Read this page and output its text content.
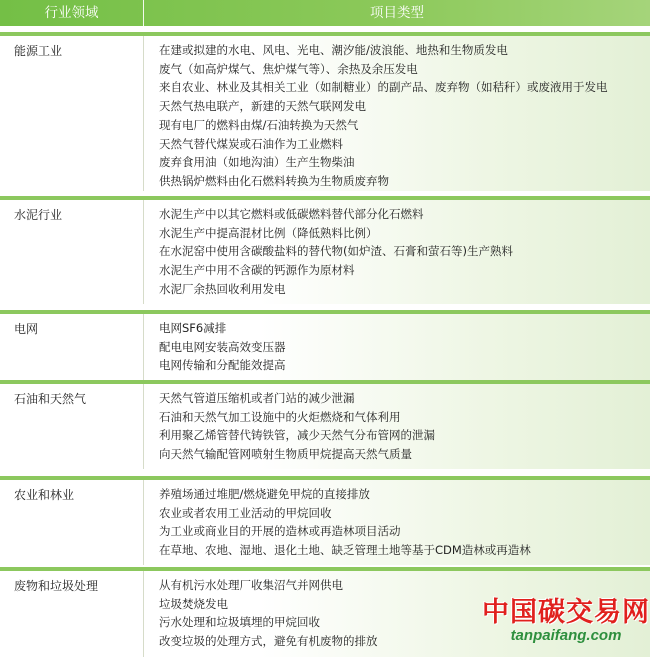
行业领域	项目类型
能源工业	在建或拟建的水电、风电、光电、潮汐能/波浪能、地热和生物质发电
废气（如高炉煤气、焦炉煤气等）、余热及余压发电
来自农业、林业及其相关工业（如制糖业）的副产品、废弃物（如秸秆）或废液用于发电
天然气热电联产，新建的天然气联网发电
现有电厂的燃料由煤/石油转换为天然气
天然气替代煤炭或石油作为工业燃料
废弃食用油（如地沟油）生产生物柴油
供热锅炉燃料由化石燃料转换为生物质废弃物
水泥行业	水泥生产中以其它燃料或低碳燃料替代部分化石燃料
水泥生产中提高混材比例（降低熟料比例）
在水泥窑中使用含碳酸盐料的替代物(如炉渣、石膏和萤石等)生产熟料
水泥生产中用不含碳的钙源作为原材料
水泥厂余热回收利用发电
电网	电网SF6减排
配电电网安装高效变压器
电网传输和分配能效提高
石油和天然气	天然气管道压缩机或者门站的减少泄漏
石油和天然气加工设施中的火炬燃烧和气体利用
利用聚乙烯管替代铸铁管，减少天然气分布管网的泄漏
向天然气输配管网喷射生物质甲烷提高天然气质量
农业和林业	养殖场通过堆肥/燃烧避免甲烷的直接排放
农业或者农用工业活动的甲烷回收
为工业或商业目的开展的造林或再造林项目活动
在草地、农地、湿地、退化土地、缺乏管理土地等基于CDM造林或再造林
废物和垃圾处理	从有机污水处理厂收集沼气并网供电
垃圾焚烧发电
污水处理和垃圾填埋的甲烷回收
改变垃圾的处理方式，避免有机废物的排放
中国碳交易网
tanpaifang.com
